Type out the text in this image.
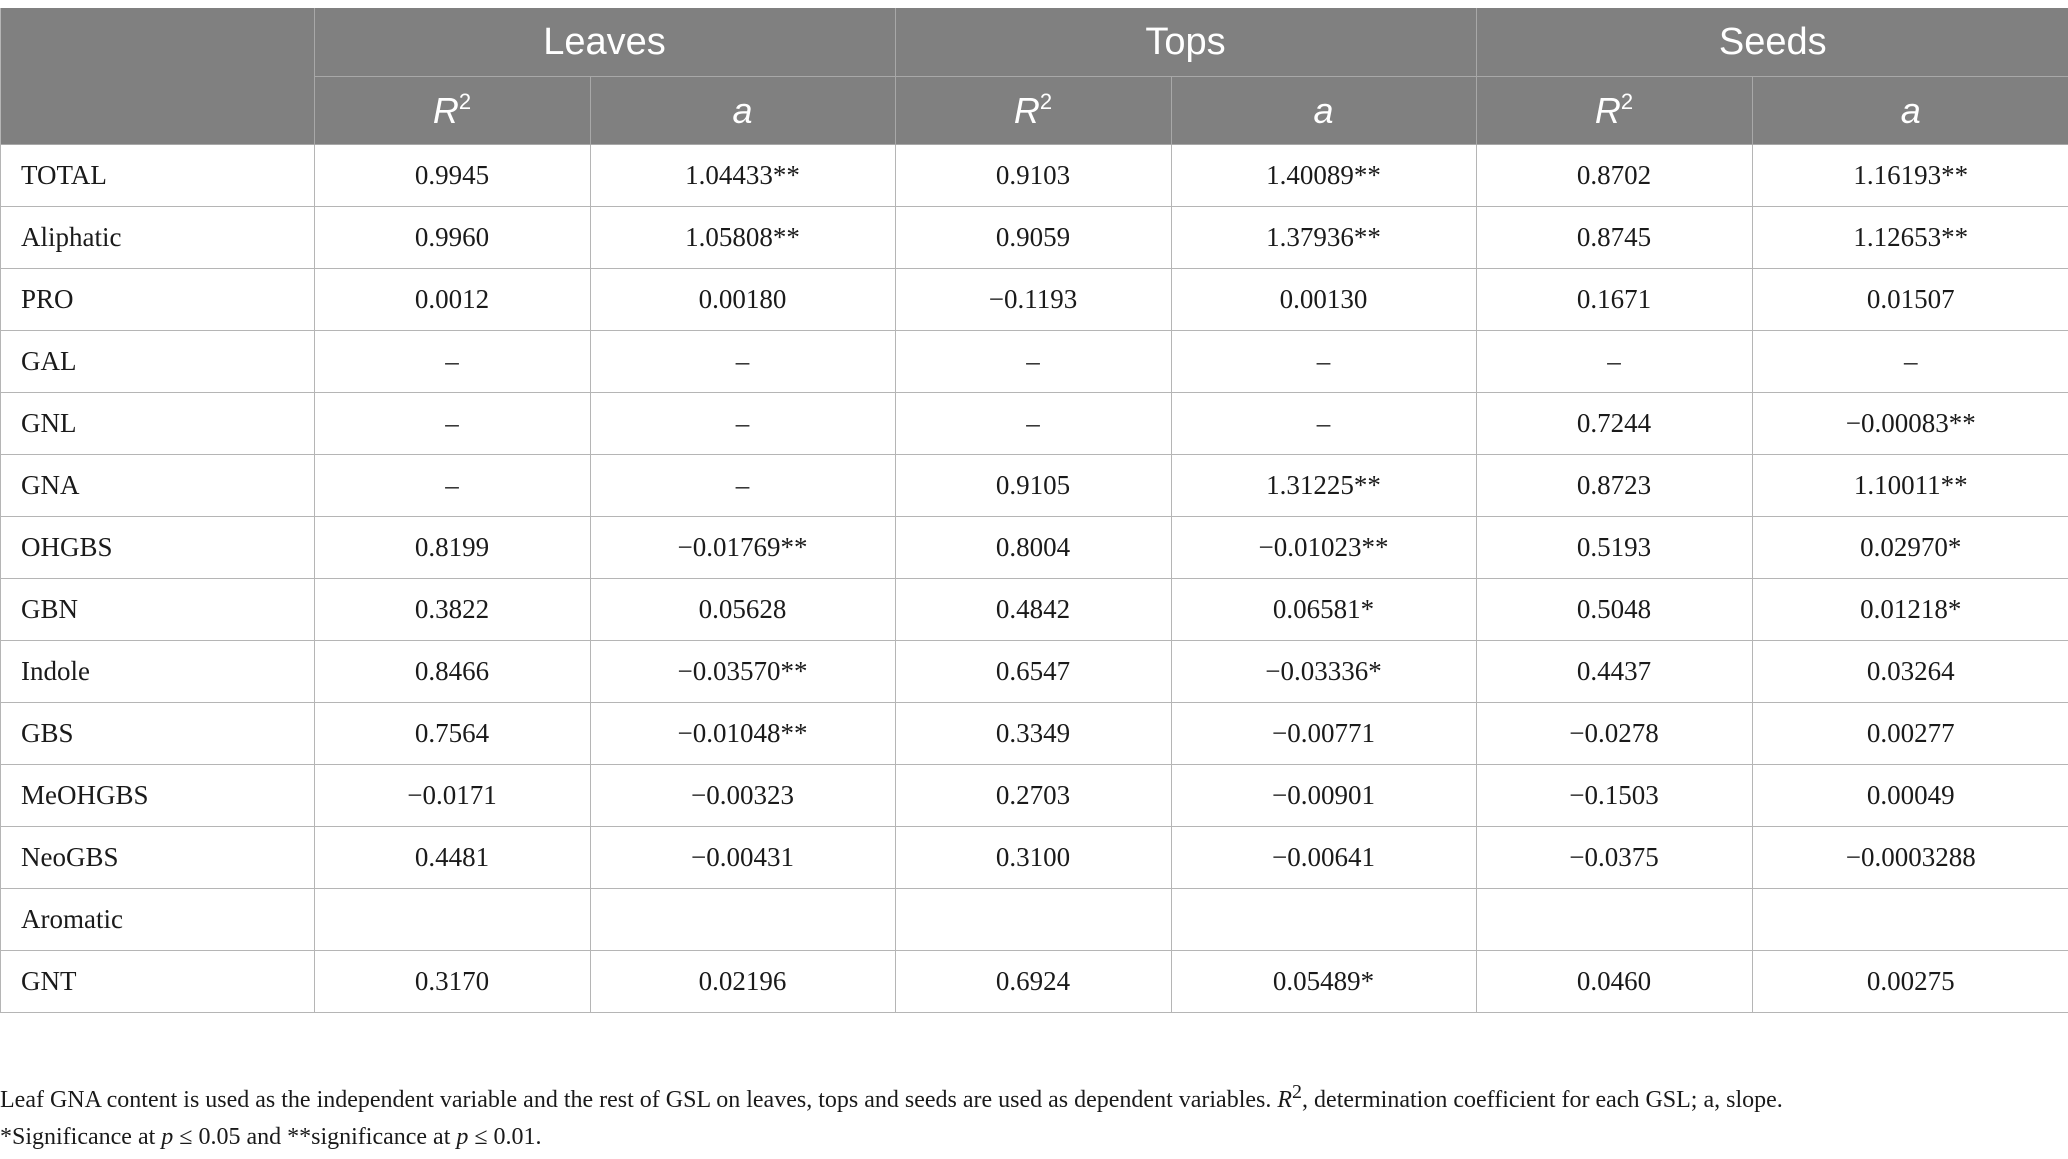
	Leaves		Tops		Seeds	
	$R^2$	a	$R^2$	a	$R^2$	a
TOTAL	0.9945	1.04433**	0.9103	1.40089**	0.8702	1.16193**
Aliphatic	0.9960	1.05808**	0.9059	1.37936**	0.8745	1.12653**
PRO	0.0012	0.00180	−0.1193	0.00130	0.1671	0.01507
GAL	–	–	–	–	–	–
GNL	–	–	–	–	0.7244	−0.00083**
GNA	–	–	0.9105	1.31225**	0.8723	1.10011**
OHGBS	0.8199	−0.01769**	0.8004	−0.01023**	0.5193	0.02970*
GBN	0.3822	0.05628	0.4842	0.06581*	0.5048	0.01218*
Indole	0.8466	−0.03570**	0.6547	−0.03336*	0.4437	0.03264
GBS	0.7564	−0.01048**	0.3349	−0.00771	−0.0278	0.00277
MeOHGBS	−0.0171	−0.00323	0.2703	−0.00901	−0.1503	0.00049
NeoGBS	0.4481	−0.00431	0.3100	−0.00641	−0.0375	−0.0003288
Aromatic						
GNT	0.3170	0.02196	0.6924	0.05489*	0.0460	0.00275

Leaf GNA content is used as the independent variable and the rest of GSL on leaves, tops and seeds are used as dependent variables. $R^2$, determination coefficient for each GSL; a, slope.

*Significance at p ≤ 0.05 and **significance at p ≤ 0.01.
